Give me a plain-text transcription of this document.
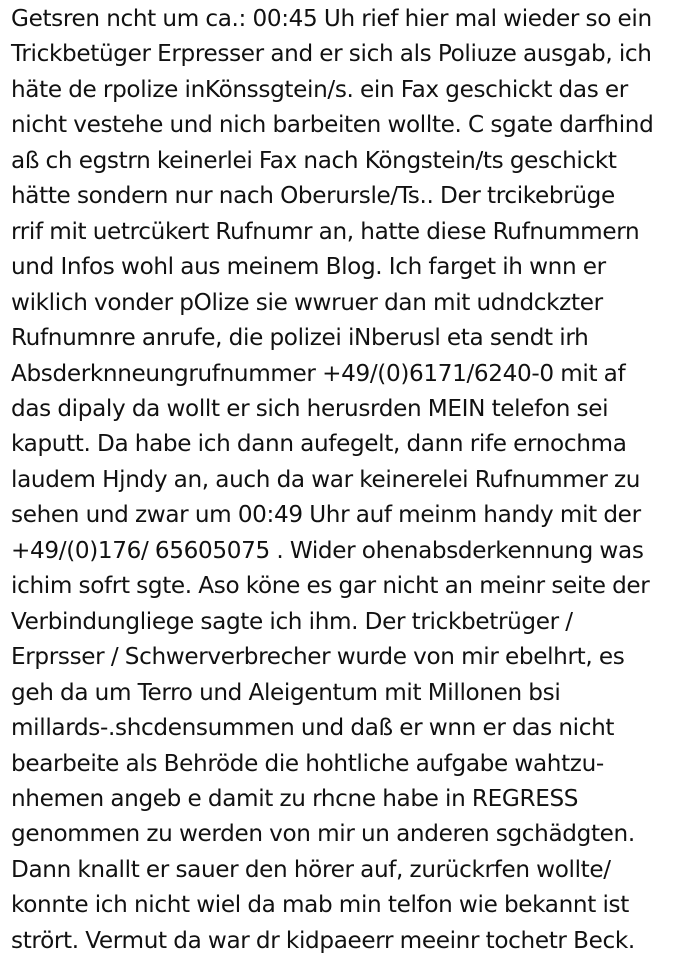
Getsren ncht um ca.: 00:45 Uh rief hier mal wieder so ein
Trickbetüger Erpresser and er sich als Poliuze ausgab, ich
häte de rpolize inKönssgtein/s. ein Fax geschickt das er
nicht vestehe und nich barbeiten wollte. C sgate darfhind
aß ch egstrn keinerlei Fax nach Köngstein/ts geschickt
hätte sondern nur nach Oberursle/Ts.. Der trcikebrüge
rrif mit uetrcükert Rufnumr an, hatte diese Rufnummern
und Infos wohl aus meinem Blog. Ich farget ih wnn er
wiklich vonder pOlize sie wwruer dan mit udndckzter
Rufnumnre anrufe, die polizei iNberusl eta sendt irh
Absderknneungrufnummer +49/(0)6171/6240-0 mit af
das dipaly da wollt er sich herusrden MEIN telefon sei
kaputt. Da habe ich dann aufegelt, dann rife ernochma
laudem Hjndy an, auch da war keinerelei Rufnummer zu
sehen und zwar um 00:49 Uhr auf meinm handy mit der
+49/(0)176/ 65605075 . Wider ohenabsderkennung was
ichim sofrt sgte. Aso köne es gar nicht an meinr seite der
Verbindungliege sagte ich ihm. Der trickbetrüger /
Erprsser / Schwerverbrecher wurde von mir ebelhrt, es
geh da um Terro und Aleigentum mit Millonen bsi
millards-.shcdensummen und daß er wnn er das nicht
bearbeite als Behröde die hohtliche aufgabe wahtzu-
nhemen angeb e damit zu rhcne habe in REGRESS
genommen zu werden von mir un anderen sgchädgten.
Dann knallt er sauer den hörer auf, zurückrfen wollte/
konnte ich nicht wiel da mab min telfon wie bekannt ist
strört. Vermut da war dr kidpaeerr meeinr tochetr Beck.
